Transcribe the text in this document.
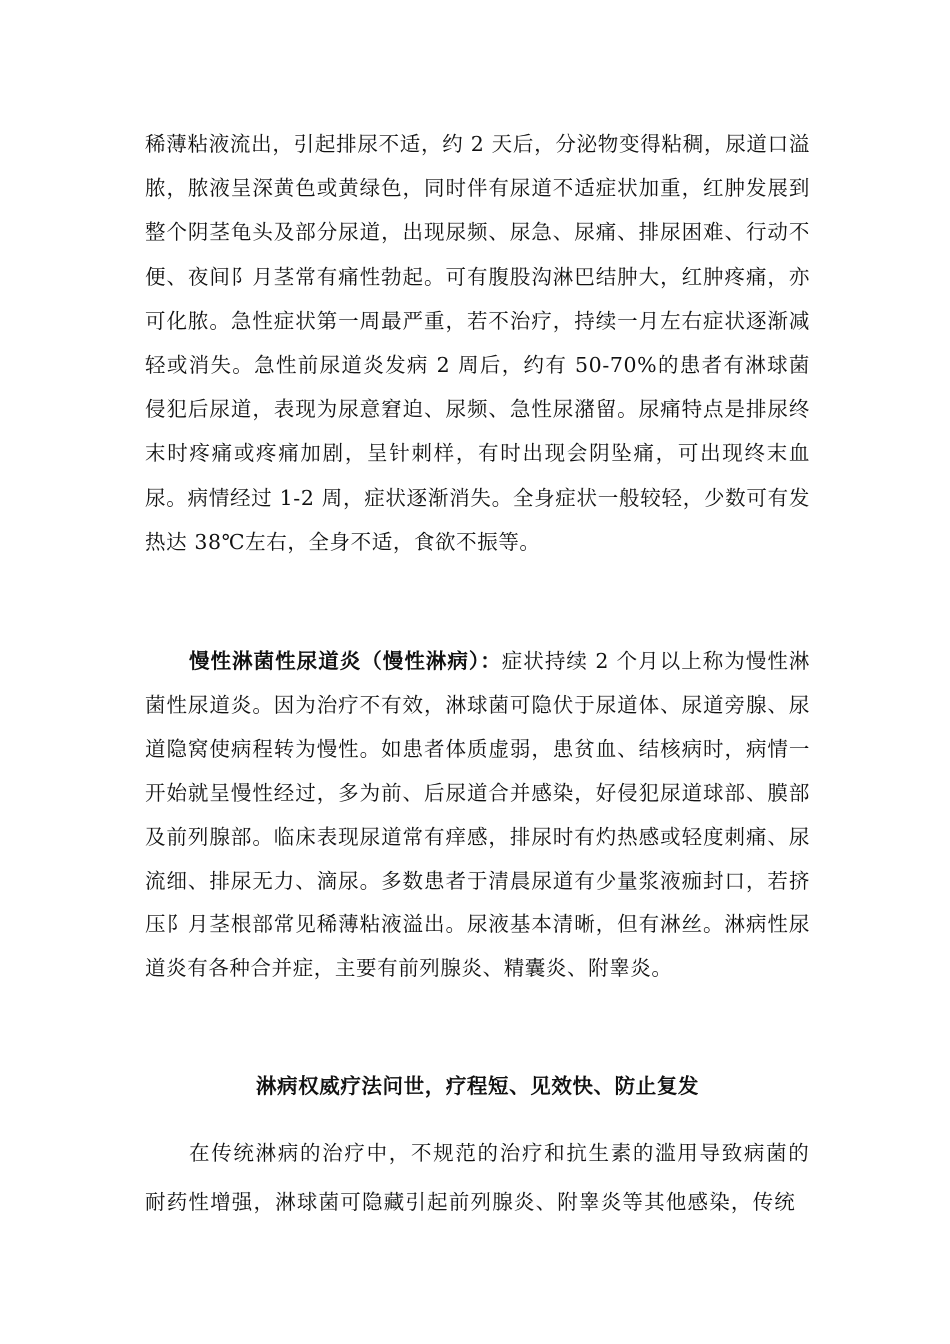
稀薄粘液流出，引起排尿不适，约 2 天后，分泌物变得粘稠，尿道口溢脓，脓液呈深黄色或黄绿色，同时伴有尿道不适症状加重，红肿发展到整个阴茎龟头及部分尿道，出现尿频、尿急、尿痛、排尿困难、行动不便、夜间阝月茎常有痛性勃起。可有腹股沟淋巴结肿大，红肿疼痛，亦可化脓。急性症状第一周最严重，若不治疗，持续一月左右症状逐渐减轻或消失。急性前尿道炎发病 2 周后，约有 50-70%的患者有淋球菌侵犯后尿道，表现为尿意窘迫、尿频、急性尿潴留。尿痛特点是排尿终末时疼痛或疼痛加剧，呈针刺样，有时出现会阴坠痛，可出现终末血尿。病情经过 1-2 周，症状逐渐消失。全身症状一般较轻，少数可有发热达 38℃左右，全身不适，食欲不振等。
慢性淋菌性尿道炎（慢性淋病）：症状持续 2 个月以上称为慢性淋菌性尿道炎。因为治疗不有效，淋球菌可隐伏于尿道体、尿道旁腺、尿道隐窝使病程转为慢性。如患者体质虚弱，患贫血、结核病时，病情一开始就呈慢性经过，多为前、后尿道合并感染，好侵犯尿道球部、膜部及前列腺部。临床表现尿道常有痒感，排尿时有灼热感或轻度刺痛、尿流细、排尿无力、滴尿。多数患者于清晨尿道有少量浆液痂封口，若挤压阝月茎根部常见稀薄粘液溢出。尿液基本清晰，但有淋丝。淋病性尿道炎有各种合并症，主要有前列腺炎、精囊炎、附睾炎。
淋病权威疗法问世，疗程短、见效快、防止复发
在传统淋病的治疗中，不规范的治疗和抗生素的滥用导致病菌的耐药性增强，淋球菌可隐藏引起前列腺炎、附睾炎等其他感染，传统
